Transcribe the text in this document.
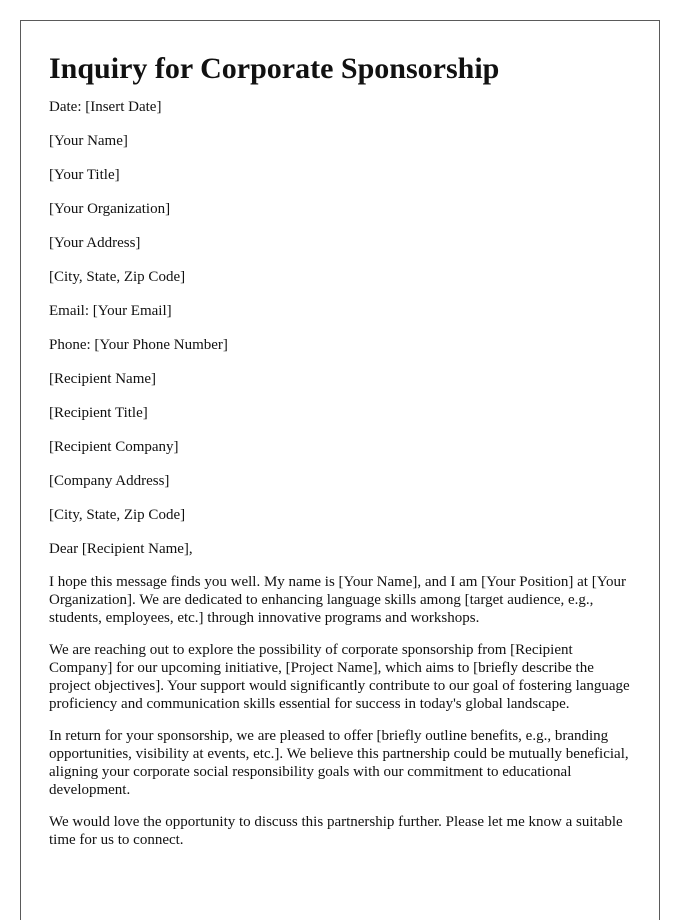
Inquiry for Corporate Sponsorship

Date: [Insert Date]

[Your Name]

[Your Title]

[Your Organization]

[Your Address]

[City, State, Zip Code]

Email: [Your Email]

Phone: [Your Phone Number]

[Recipient Name]

[Recipient Title]

[Recipient Company]

[Company Address]

[City, State, Zip Code]

Dear [Recipient Name],

I hope this message finds you well. My name is [Your Name], and I am [Your Position] at [Your Organization]. We are dedicated to enhancing language skills among [target audience, e.g., students, employees, etc.] through innovative programs and workshops.

We are reaching out to explore the possibility of corporate sponsorship from [Recipient Company] for our upcoming initiative, [Project Name], which aims to [briefly describe the project objectives]. Your support would significantly contribute to our goal of fostering language proficiency and communication skills essential for success in today's global landscape.

In return for your sponsorship, we are pleased to offer [briefly outline benefits, e.g., branding opportunities, visibility at events, etc.]. We believe this partnership could be mutually beneficial, aligning your corporate social responsibility goals with our commitment to educational development.

We would love the opportunity to discuss this partnership further. Please let me know a suitable time for us to connect.
